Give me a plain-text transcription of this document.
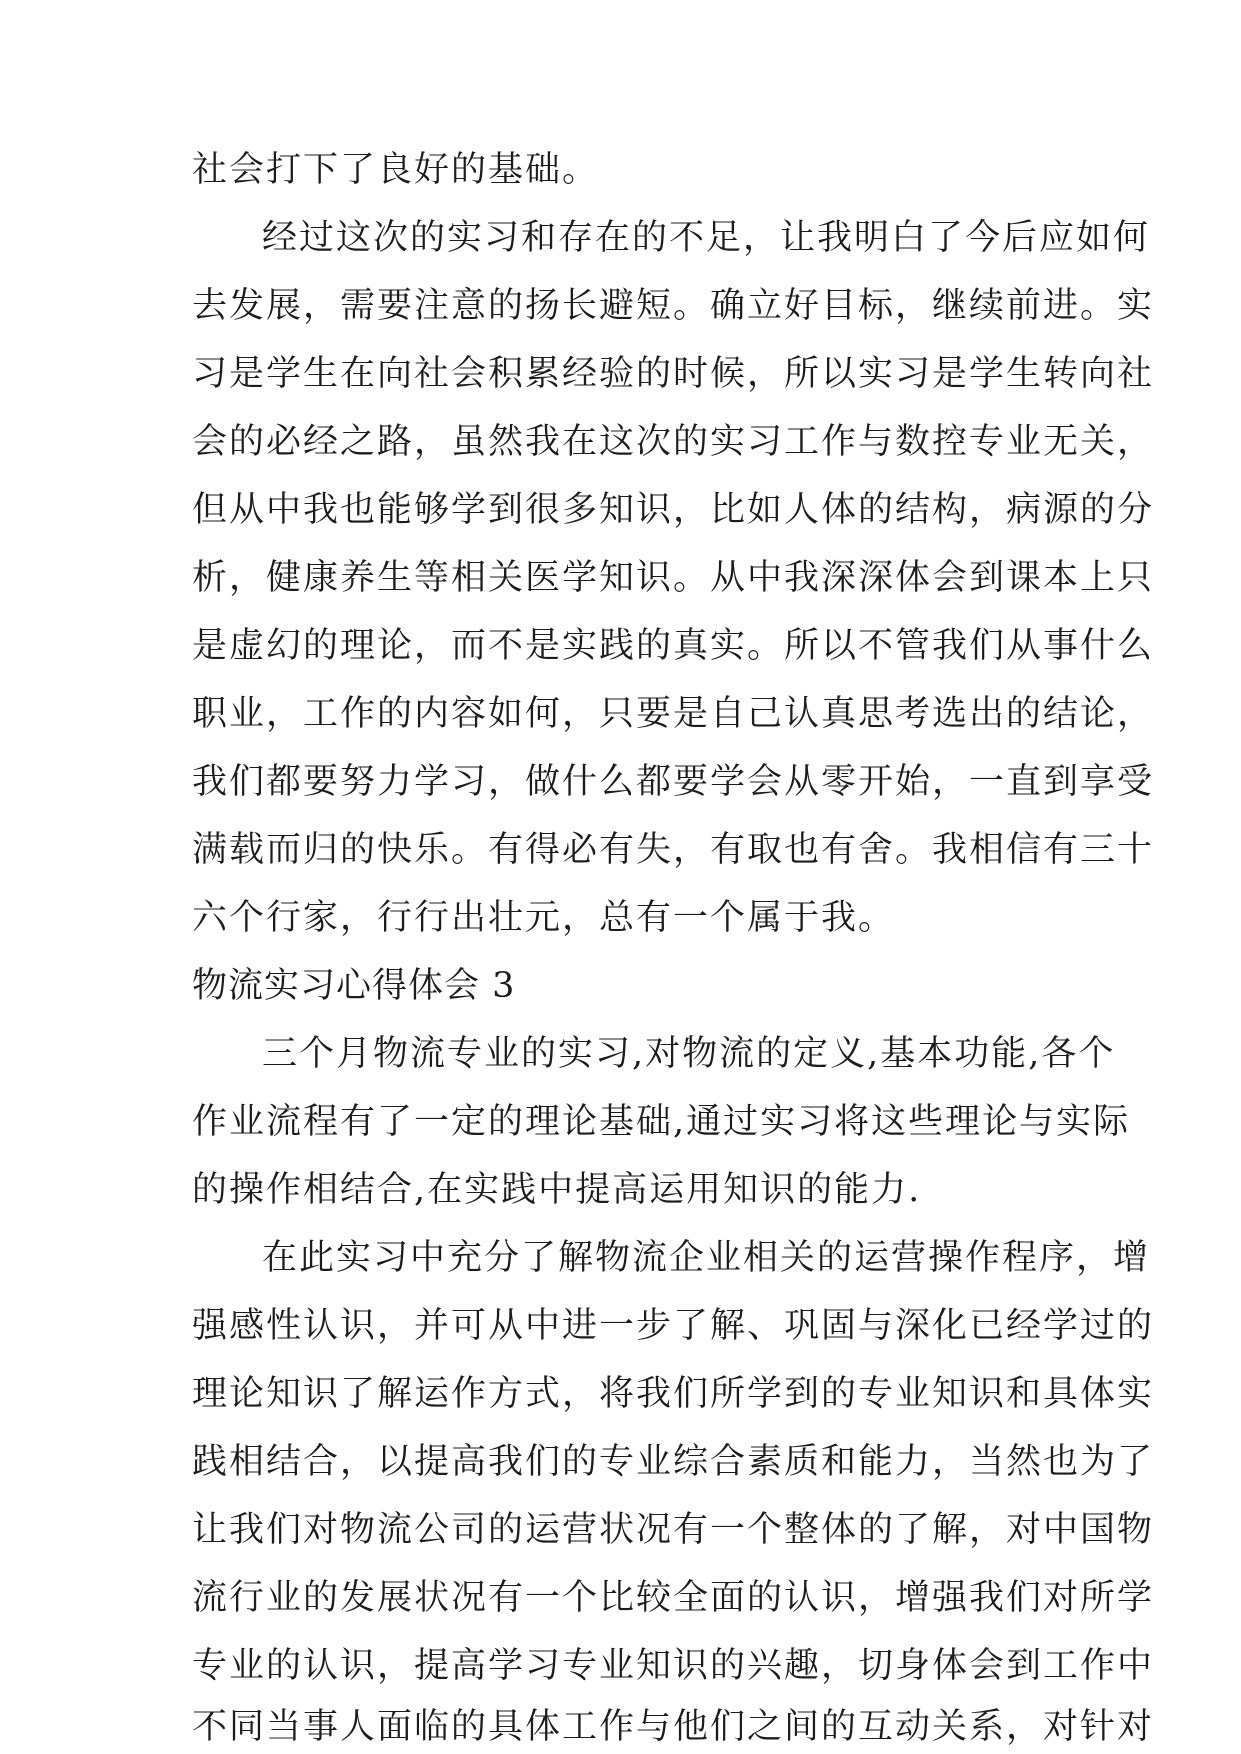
社会打下了良好的基础。
经过这次的实习和存在的不足，让我明白了今后应如何
去发展，需要注意的扬长避短。确立好目标，继续前进。实
习是学生在向社会积累经验的时候，所以实习是学生转向社
会的必经之路，虽然我在这次的实习工作与数控专业无关，
但从中我也能够学到很多知识，比如人体的结构，病源的分
析，健康养生等相关医学知识。从中我深深体会到课本上只
是虚幻的理论，而不是实践的真实。所以不管我们从事什么
职业，工作的内容如何，只要是自己认真思考选出的结论，
我们都要努力学习，做什么都要学会从零开始，一直到享受
满载而归的快乐。有得必有失，有取也有舍。我相信有三十
六个行家，行行出壮元，总有一个属于我。
物流实习心得体会 3
三个月物流专业的实习,对物流的定义,基本功能,各个
作业流程有了一定的理论基础,通过实习将这些理论与实际
的操作相结合,在实践中提高运用知识的能力.
在此实习中充分了解物流企业相关的运营操作程序，增
强感性认识，并可从中进一步了解、巩固与深化已经学过的
理论知识了解运作方式，将我们所学到的专业知识和具体实
践相结合，以提高我们的专业综合素质和能力，当然也为了
让我们对物流公司的运营状况有一个整体的了解，对中国物
流行业的发展状况有一个比较全面的认识，增强我们对所学
专业的认识，提高学习专业知识的兴趣，切身体会到工作中
不同当事人面临的具体工作与他们之间的互动关系，对针对
